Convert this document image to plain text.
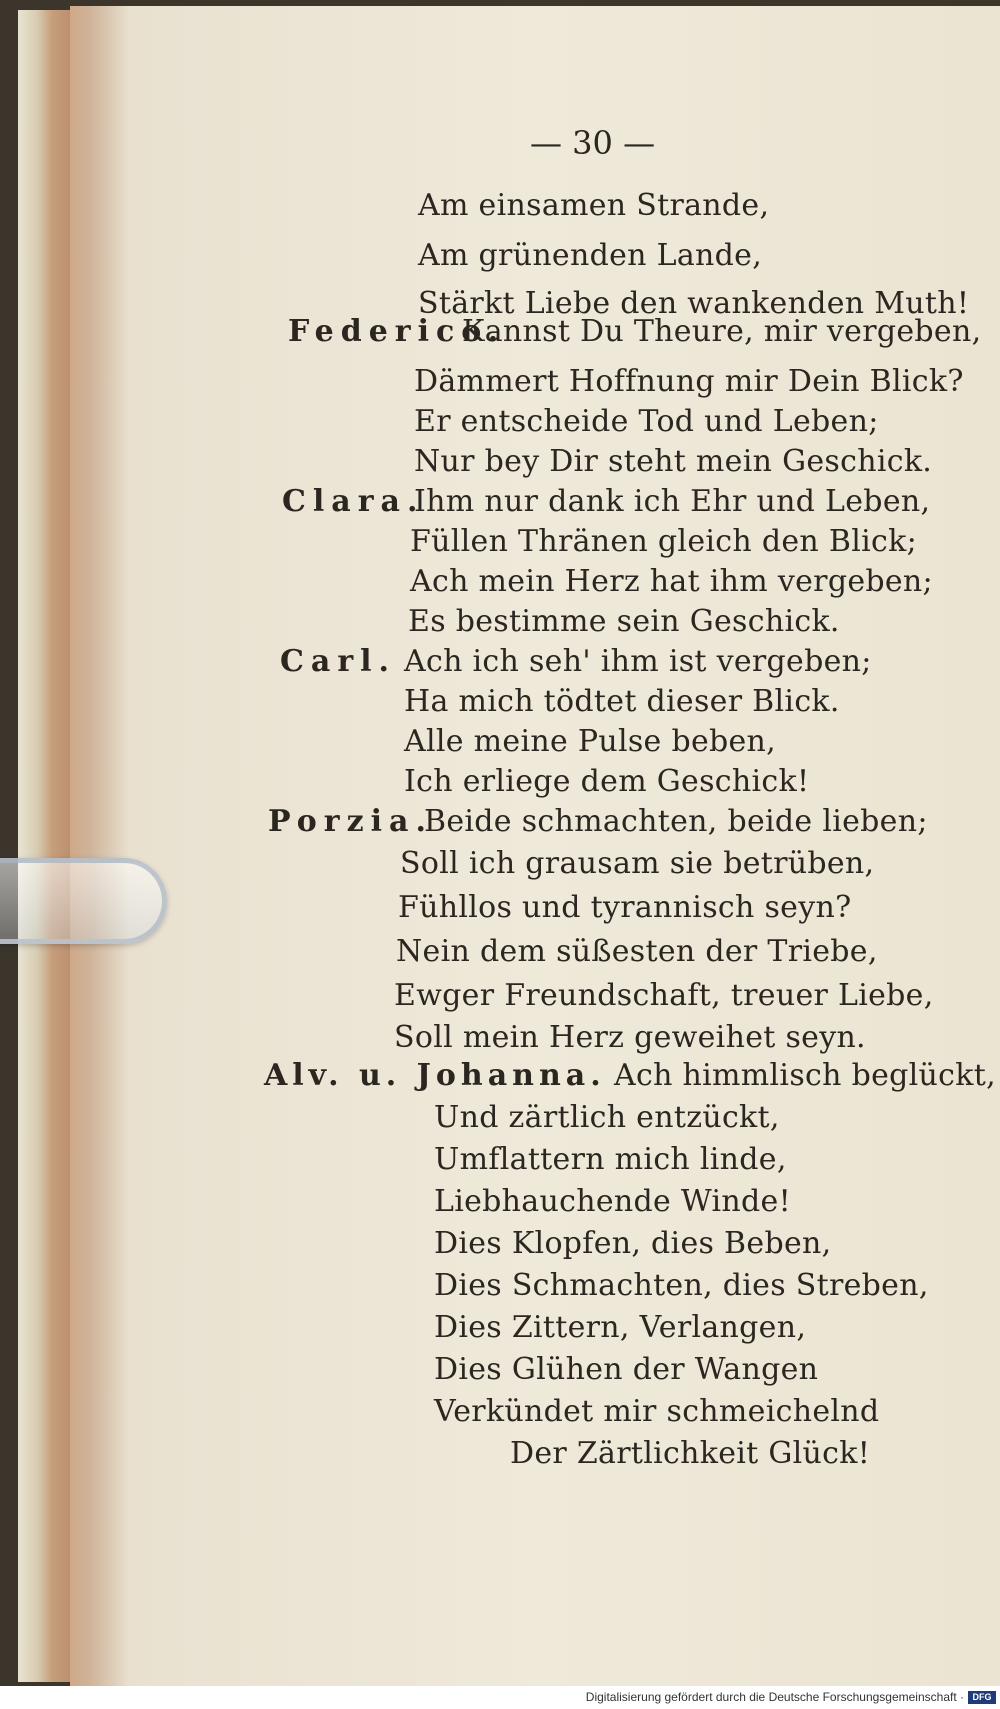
— 30 —
Am einsamen Strande,
Am grünenden Lande,
Stärkt Liebe den wankenden Muth!
Federico.
Kannst Du Theure, mir vergeben,
Dämmert Hoffnung mir Dein Blick?
Er entscheide Tod und Leben;
Nur bey Dir steht mein Geschick.
Clara.
Ihm nur dank ich Ehr und Leben,
Füllen Thränen gleich den Blick;
Ach mein Herz hat ihm vergeben;
Es bestimme sein Geschick.
Carl. Ach ich seh' ihm ist vergeben;
Ha mich tödtet dieser Blick.
Alle meine Pulse beben,
Ich erliege dem Geschick!
Porzia.
Beide schmachten, beide lieben;
Soll ich grausam sie betrüben,
Fühllos und tyrannisch seyn?
Nein dem süßesten der Triebe,
Ewger Freundschaft, treuer Liebe,
Soll mein Herz geweihet seyn.
Alv. u. Johanna. Ach himmlisch beglückt,
Und zärtlich entzückt,
Umflattern mich linde,
Liebhauchende Winde!
Dies Klopfen, dies Beben,
Dies Schmachten, dies Streben,
Dies Zittern, Verlangen,
Dies Glühen der Wangen
Verkündet mir schmeichelnd
Der Zärtlichkeit Glück!
Digitalisierung gefördert durch die Deutsche Forschungsgemeinschaft · DFG
